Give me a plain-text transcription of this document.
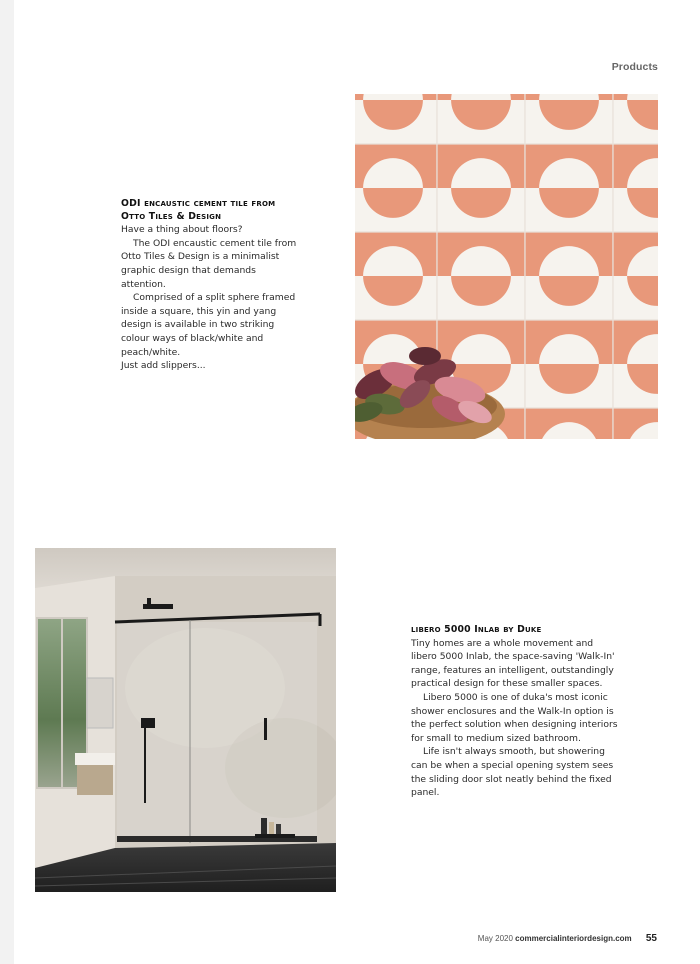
Products
ODI encaustic cement tile from Otto Tiles & Design

Have a thing about floors?

The ODI encaustic cement tile from Otto Tiles & Design is a minimalist graphic design that demands attention.

Comprised of a split sphere framed inside a square, this yin and yang design is available in two striking colour ways of black/white and peach/white.

Just add slippers...

libero 5000 Inlab by Duke

Tiny homes are a whole movement and libero 5000 Inlab, the space-saving 'Walk-In' range, features an intelligent, outstandingly practical design for these smaller spaces.

Libero 5000 is one of duka's most iconic shower enclosures and the Walk-In option is the perfect solution when designing interiors for small to medium sized bathroom.

Life isn't always smooth, but showering can be when a special opening system sees the sliding door slot neatly behind the fixed panel.

May 2020 commercialinteriordesign.com 55
